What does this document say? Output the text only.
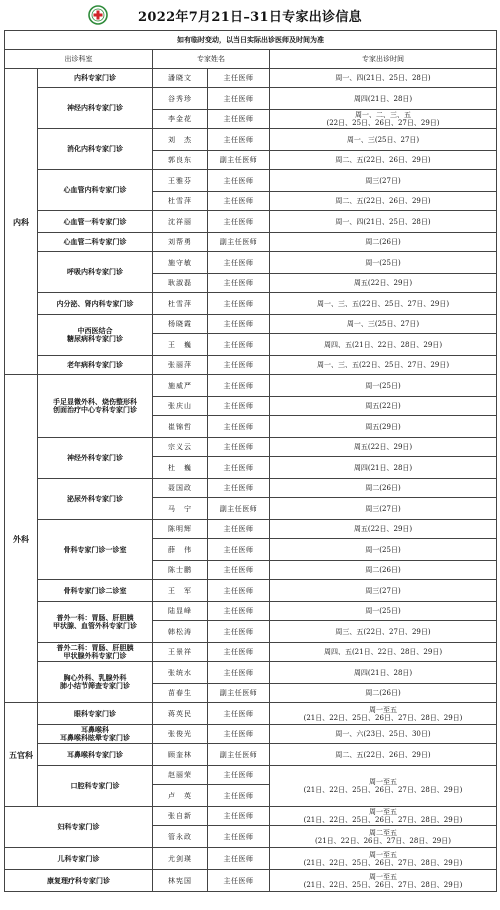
2022年7月21日–31日专家出诊信息
如有临时变动，以当日实际出诊医师及时间为准				
出诊科室		专家姓名		专家出诊时间
内科	内科专家门诊	潘晓文	主任医师	周一、四(21日、25日、28日)

	神经内科专家门诊	谷秀珍	主任医师	周四(21日、28日)

		李金花	主任医师	周一、二、三、五
(22日、25日、26日、27日、29日)

	消化内科专家门诊	刘　杰	主任医师	周一、三(25日、27日)

		郭良东	副主任医师	周二、五(22日、26日、29日)

	心血管内科专家门诊	王雅芬	主任医师	周三(27日)

		杜雪萍	主任医师	周二、五(22日、26日、29日)

	心血管一科专家门诊	沈祥丽	主任医师	周一、四(21日、25日、28日)

	心血管二科专家门诊	刘帮勇	副主任医师	周二(26日)

	呼吸内科专家门诊	施守敏	主任医师	周一(25日)

		耿淑磊	主任医师	周五(22日、29日)

	内分泌、肾内科专家门诊	杜雪萍	主任医师	周一、三、五(22日、25日、27日、29日)

	中西医结合
糖尿病科专家门诊	杨晓霞	主任医师	周一、三(25日、27日)

		王　巍	主任医师	周四、五(21日、22日、28日、29日)

	老年病科专家门诊	张丽萍	主任医师	周一、三、五(22日、25日、27日、29日)

外科	手足显微外科、烧伤整形科
创面治疗中心专科专家门诊	施威严	主任医师	周一(25日)

		张庆山	主任医师	周五(22日)

		崔锦哲	主任医师	周五(29日)

	神经外科专家门诊	宗义云	主任医师	周五(22日、29日)

		杜　巍	主任医师	周四(21日、28日)

	泌尿外科专家门诊	聂国政	主任医师	周二(26日)

		马　宁	副主任医师	周三(27日)

	骨科专家门诊一诊室	陈明辉	主任医师	周五(22日、29日)

		薛　伟	主任医师	周一(25日)

		陈士鹏	主任医师	周二(26日)

	骨科专家门诊二诊室	王　军	主任医师	周三(27日)

	普外一科：胃肠、肝胆胰
甲状腺、血管外科专家门诊	陆显峰	主任医师	周一(25日)

		韩松涛	主任医师	周三、五(22日、27日、29日)

	普外二科：胃肠、肝胆胰
甲状腺外科专家门诊	王景祥	主任医师	周四、五(21日、22日、28日、29日)

	胸心外科、乳腺外科
肺小结节筛查专家门诊	张统水	主任医师	周四(21日、28日)

		苗春生	副主任医师	周二(26日)

五官科	眼科专家门诊	蒋英民	主任医师	周一至五
(21日、22日、25日、26日、27日、28日、29日)

	耳鼻喉科
耳鼻喉科眩晕专家门诊	张俊光	主任医师	周一、六(23日、25日、30日)

	耳鼻喉科专家门诊	顾奎林	副主任医师	周二、五(22日、26日、29日)

	口腔科专家门诊	赵丽荣	主任医师	周一至五
(21日、22日、25日、26日、27日、28日、29日)

		卢　英	主任医师	

妇科专家门诊		张自新	主任医师	周一至五
(21日、22日、25日、26日、27日、28日、29日)

		管永政	主任医师	周二至五
(21日、22日、26日、27日、28日、29日)

儿科专家门诊		尤剑瑛	主任医师	周一至五
(21日、22日、25日、26日、27日、28日、29日)

康复理疗科专家门诊		林宪国	主任医师	周一至五
(21日、22日、25日、26日、27日、28日、29日)
